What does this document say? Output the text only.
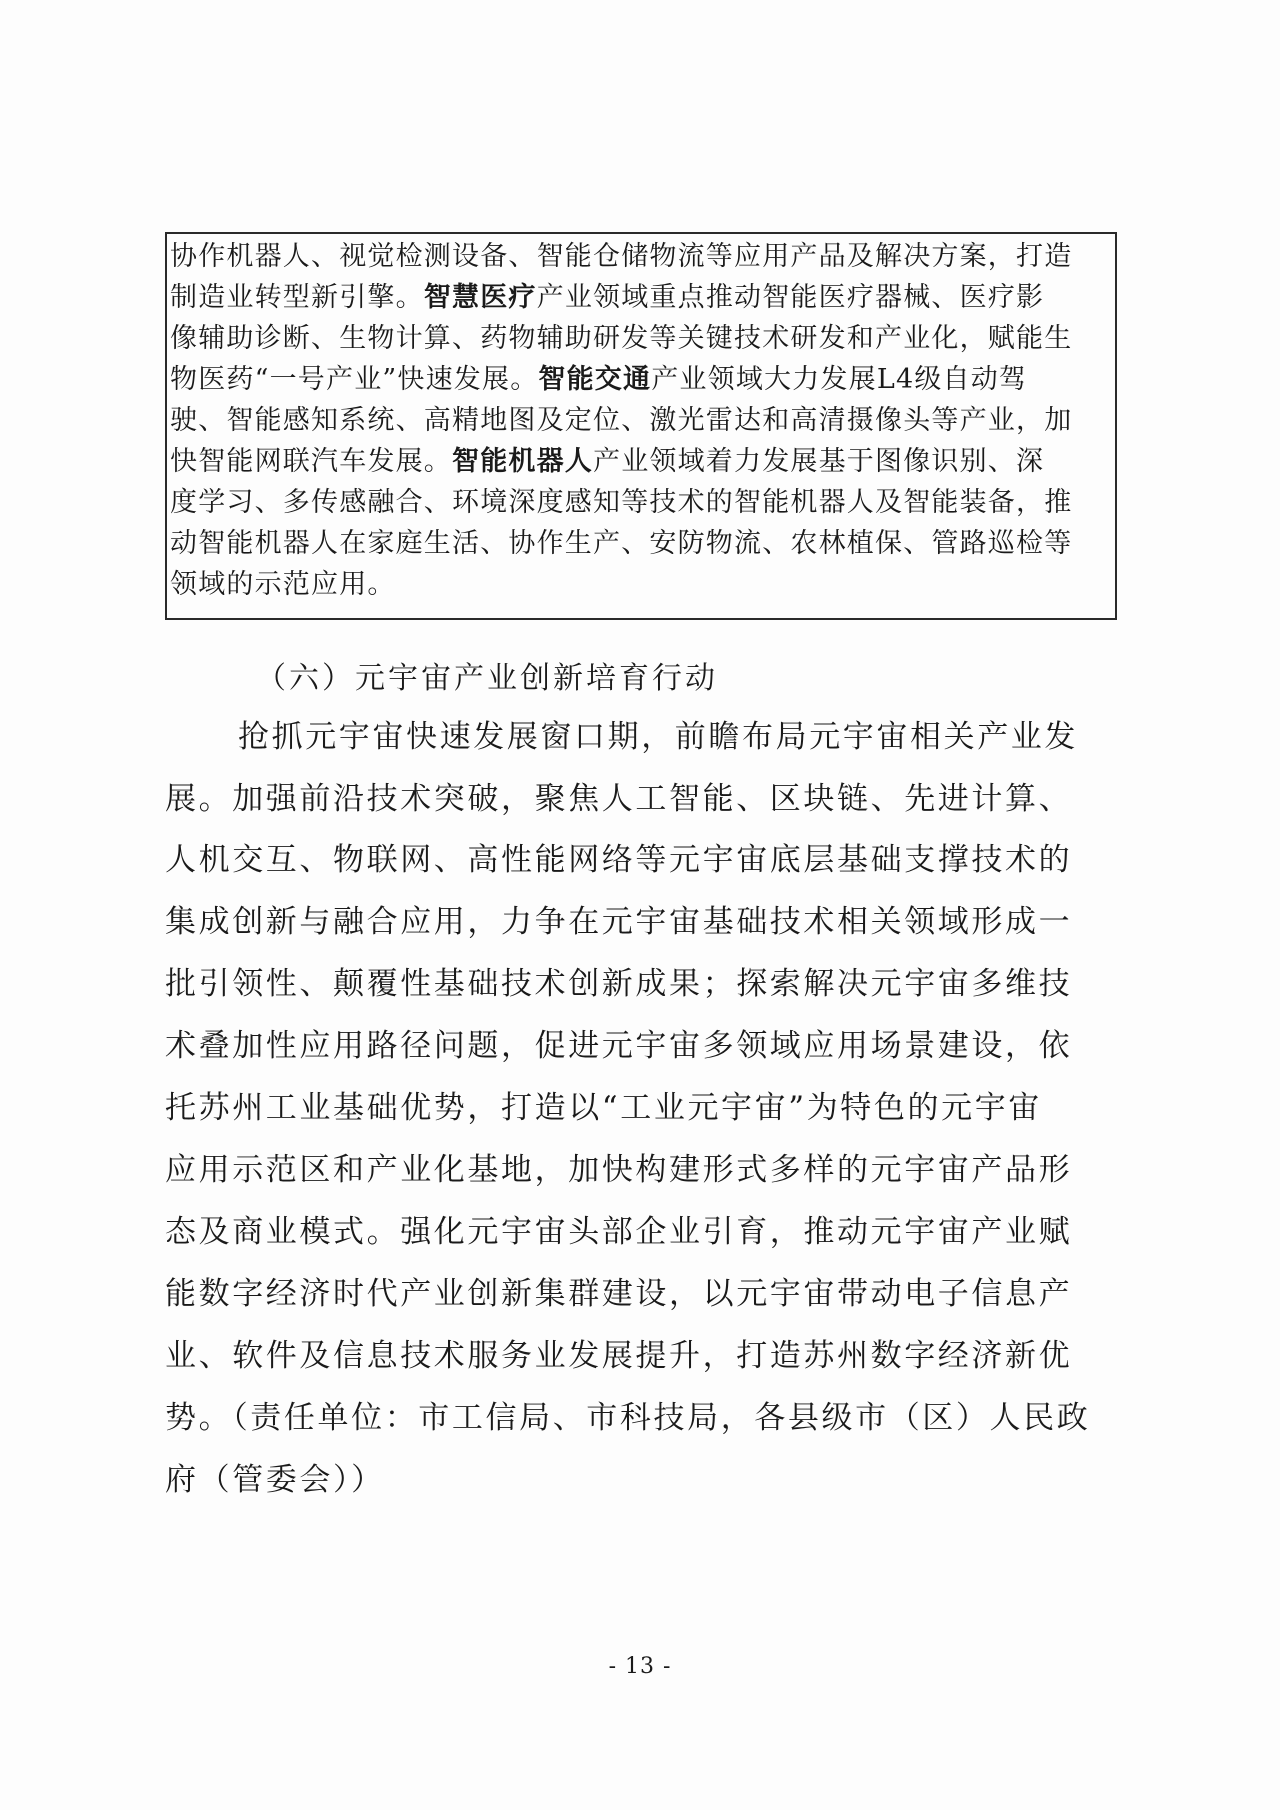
协作机器人、视觉检测设备、智能仓储物流等应用产品及解决方案，打造
制造业转型新引擎。智慧医疗产业领域重点推动智能医疗器械、医疗影
像辅助诊断、生物计算、药物辅助研发等关键技术研发和产业化，赋能生
物医药“一号产业”快速发展。智能交通产业领域大力发展L4级自动驾
驶、智能感知系统、高精地图及定位、激光雷达和高清摄像头等产业，加
快智能网联汽车发展。智能机器人产业领域着力发展基于图像识别、深
度学习、多传感融合、环境深度感知等技术的智能机器人及智能装备，推
动智能机器人在家庭生活、协作生产、安防物流、农林植保、管路巡检等
领域的示范应用。
（六）元宇宙产业创新培育行动
抢抓元宇宙快速发展窗口期，前瞻布局元宇宙相关产业发
展。加强前沿技术突破，聚焦人工智能、区块链、先进计算、
人机交互、物联网、高性能网络等元宇宙底层基础支撑技术的
集成创新与融合应用，力争在元宇宙基础技术相关领域形成一
批引领性、颠覆性基础技术创新成果；探索解决元宇宙多维技
术叠加性应用路径问题，促进元宇宙多领域应用场景建设，依
托苏州工业基础优势，打造以“工业元宇宙”为特色的元宇宙
应用示范区和产业化基地，加快构建形式多样的元宇宙产品形
态及商业模式。强化元宇宙头部企业引育，推动元宇宙产业赋
能数字经济时代产业创新集群建设，以元宇宙带动电子信息产
业、软件及信息技术服务业发展提升，打造苏州数字经济新优
势。（责任单位：市工信局、市科技局，各县级市（区）人民政
府（管委会））
- 13 -
